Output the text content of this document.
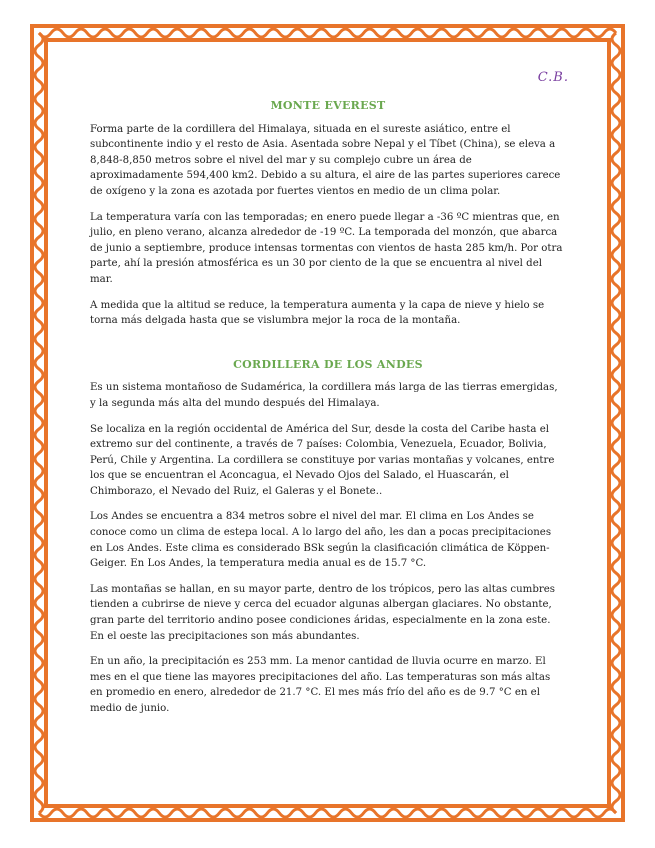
C.B.
MONTE EVEREST

Forma parte de la cordillera del Himalaya, situada en el sureste asiático, entre el subcontinente indio y el resto de Asia. Asentada sobre Nepal y el Tíbet (China), se eleva a 8,848-8,850 metros sobre el nivel del mar y su complejo cubre un área de aproximadamente 594,400 km2. Debido a su altura, el aire de las partes superiores carece de oxígeno y la zona es azotada por fuertes vientos en medio de un clima polar.

La temperatura varía con las temporadas; en enero puede llegar a -36 ºC mientras que, en julio, en pleno verano, alcanza alrededor de -19 ºC. La temporada del monzón, que abarca de junio a septiembre, produce intensas tormentas con vientos de hasta 285 km/h. Por otra parte, ahí la presión atmosférica es un 30 por ciento de la que se encuentra al nivel del mar.

A medida que la altitud se reduce, la temperatura aumenta y la capa de nieve y hielo se torna más delgada hasta que se vislumbra mejor la roca de la montaña.

CORDILLERA DE LOS ANDES

Es un sistema montañoso de Sudamérica, la cordillera más larga de las tierras emergidas, y la segunda más alta del mundo después del Himalaya.

Se localiza en la región occidental de América del Sur, desde la costa del Caribe hasta el extremo sur del continente, a través de 7 países: Colombia, Venezuela, Ecuador, Bolivia, Perú, Chile y Argentina. La cordillera se constituye por varias montañas y volcanes, entre los que se encuentran el Aconcagua, el Nevado Ojos del Salado, el Huascarán, el Chimborazo, el Nevado del Ruiz, el Galeras y el Bonete..

Los Andes se encuentra a 834 metros sobre el nivel del mar. El clima en Los Andes se conoce como un clima de estepa local. A lo largo del año, les dan a pocas precipitaciones en Los Andes. Este clima es considerado BSk según la clasificación climática de Köppen-Geiger. En Los Andes, la temperatura media anual es de 15.7 °C.

Las montañas se hallan, en su mayor parte, dentro de los trópicos, pero las altas cumbres tienden a cubrirse de nieve y cerca del ecuador algunas albergan glaciares. No obstante, gran parte del territorio andino posee condiciones áridas, especialmente en la zona este. En el oeste las precipitaciones son más abundantes.

En un año, la precipitación es 253 mm. La menor cantidad de lluvia ocurre en marzo. El mes en el que tiene las mayores precipitaciones del año. Las temperaturas son más altas en promedio en enero, alrededor de 21.7 °C. El mes más frío del año es de 9.7 °C en el medio de junio.
